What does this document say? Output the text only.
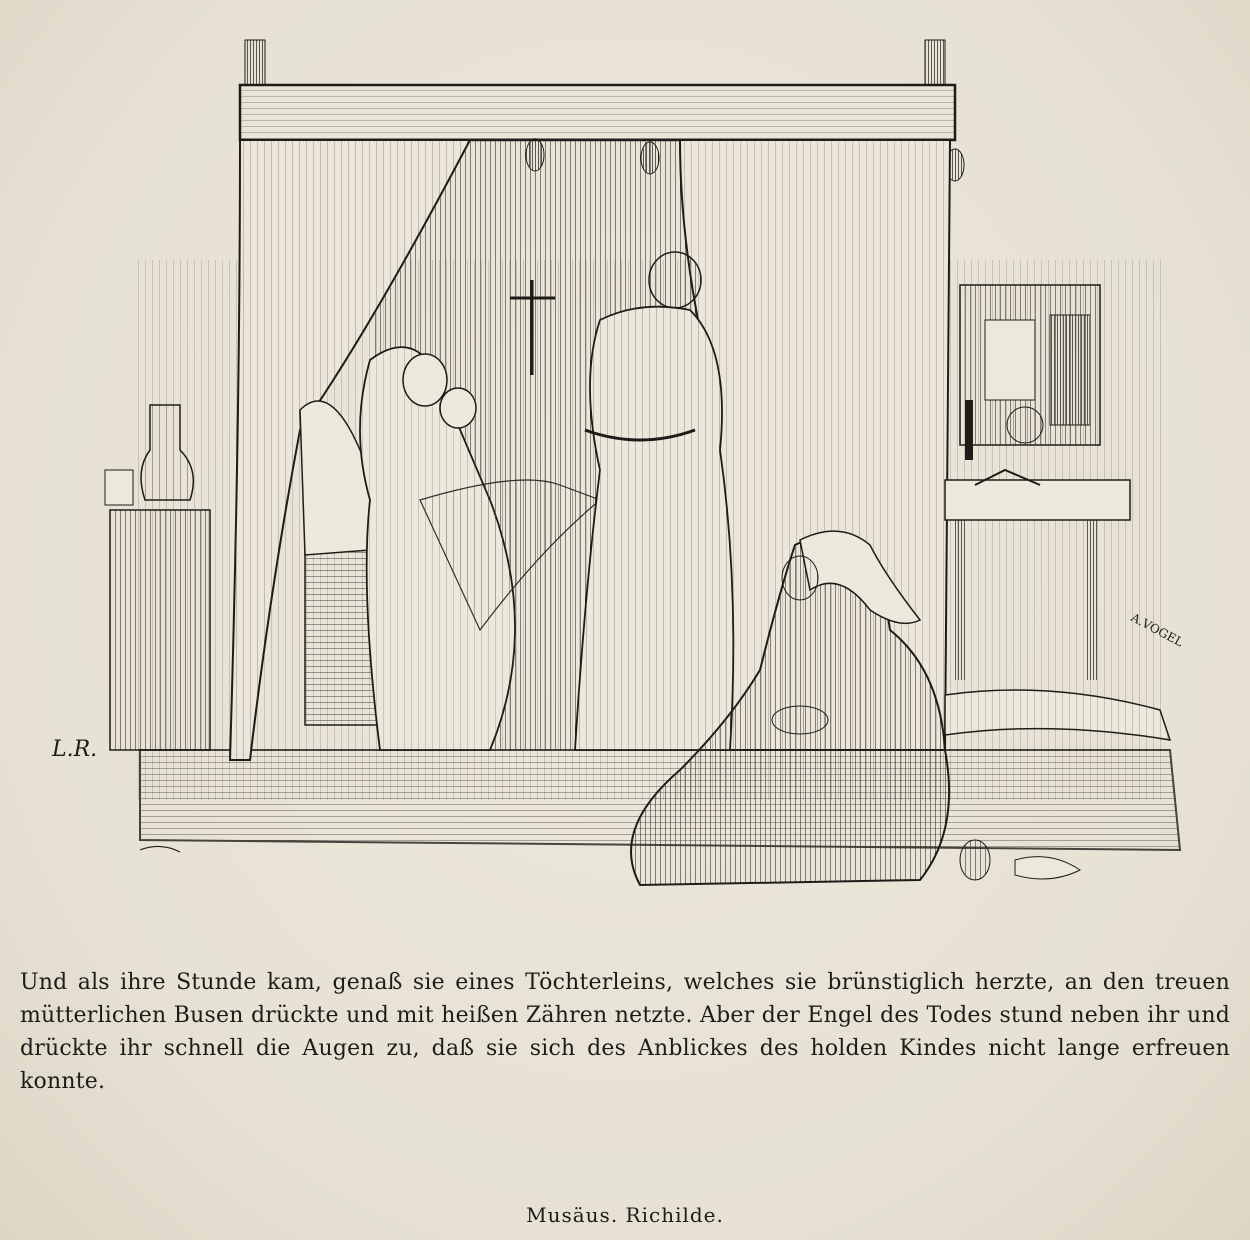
L.R.
A.VOGEL
Und als ihre Stunde kam, genaß sie eines Töchterleins, welches sie brünstiglich herzte, an den treuen mütterlichen Busen drückte und mit heißen Zähren netzte. Aber der Engel des Todes stund neben ihr und drückte ihr schnell die Augen zu, daß sie sich des Anblickes des holden Kindes nicht lange erfreuen konnte.
Musäus. Richilde.
